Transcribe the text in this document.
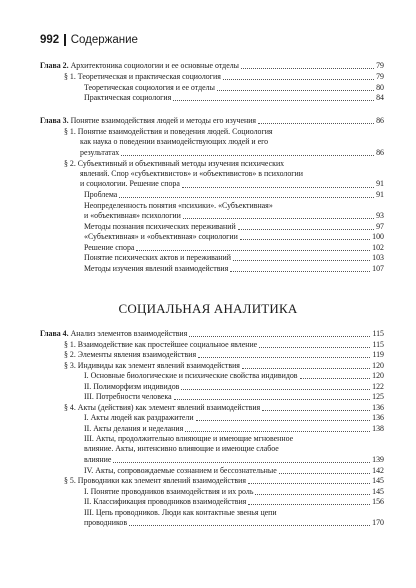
992 Содержание
СОЦИАЛЬНАЯ АНАЛИТИКА
Глава 2. Архитектоника социологии и ее основные отделы	79
§ 1. Теоретическая и практическая социология	79
Теоретическая социология и ее отделы	80
Практическая социология	84
Глава 3. Понятие взаимодействия людей и методы его изучения	86
§ 1. Понятие взаимодействия и поведения людей. Социология
как наука о поведении взаимодействующих людей и его
результатах	86
§ 2. Субъективный и объективный методы изучения психических
явлений. Спор «субъективистов» и «объективистов» в психологии
и социологии. Решение спора	91
Проблема	91
Неопределенность понятия «психики». «Субъективная»
и «объективная» психологии	93
Методы познания психических переживаний	97
«Субъективная» и «объективная» социологии	100
Решение спора	102
Понятие психических актов и переживаний	103
Методы изучения явлений взаимодействия	107
Глава 4. Анализ элементов взаимодействия	115
§ 1. Взаимодействие как простейшее социальное явление	115
§ 2. Элементы явления взаимодействия	119
§ 3. Индивиды как элемент явлений взаимодействия	120
I. Основные биологические и психические свойства индивидов	120
II. Полиморфизм индивидов	122
III. Потребности человека	125
§ 4. Акты (действия) как элемент явлений взаимодействия	136
I. Акты людей как раздражители	136
II. Акты делания и неделания	138
III. Акты, продолжительно влияющие и имеющие мгновенное
влияние. Акты, интенсивно влияющие и имеющие слабое
влияние	139
IV. Акты, сопровождаемые сознанием и бессознательные	142
§ 5. Проводники как элемент явлений взаимодействия	145
I. Понятие проводников взаимодействия и их роль	145
II. Классификация проводников взаимодействия	156
III. Цепь проводников. Люди как контактные звенья цепи
проводников	170
